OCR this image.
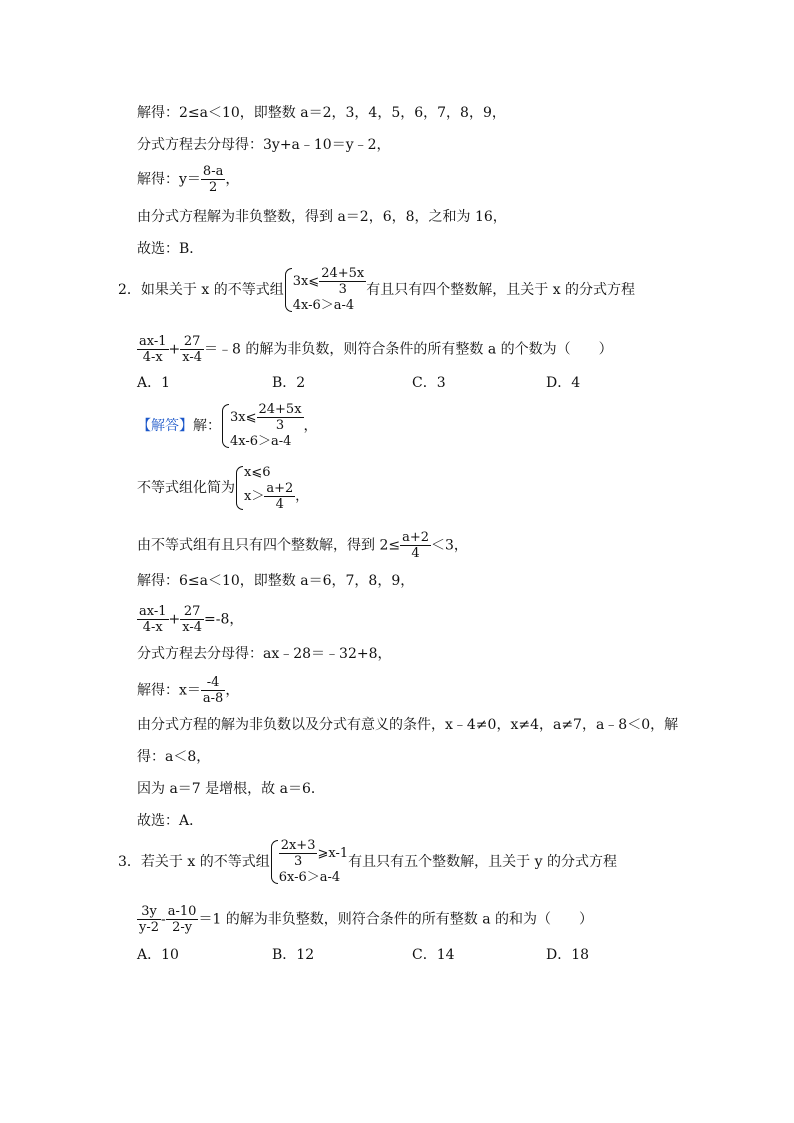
解得：2≤a＜10，即整数 a＝2，3，4，5，6，7，8，9，
分式方程去分母得：3y+a﹣10＝y﹣2，
解得：$y= \frac{8-a}{2}$ ，
由分式方程解为非负整数，得到 a＝2，6，8，之和为 16，
故选：B．
2．如果关于 x 的不等式组
3x⩽ $\frac{24+5x}{3}$
4x-6＞a-4
有且只有四个整数解，且关于 x 的分式方程
$\frac{ax-1}{4-x} + \frac{27}{x-4}$ ＝﹣8 的解为非负数，则符合条件的所有整数 a 的个数为（　　）
A．1	B．2	C．3	D．4
【解答】解：
3x⩽ $\frac{24+5x}{3}$
4x-6＞a-4
，
不等式组化简为
x⩽6
$x> \frac{a+2}{4}$ ，
由不等式组有且只有四个整数解，得到 $2\le \frac{a+2}{4} <3$，
解得：6≤a＜10，即整数 a＝6，7，8，9，
$\frac{ax-1}{4-x} + \frac{27}{x-4} =-8$，
分式方程去分母得：ax﹣28＝﹣32+8，
解得：$x= \frac{-4}{a-8}$ ，
由分式方程的解为非负数以及分式有意义的条件，x﹣4≠0，x≠4，a≠7，a﹣8＜0，解
得：a＜8，
因为 a＝7 是增根，故 a＝6．
故选：A．
3．若关于 x 的不等式组 $\frac{2x+3}{3}$ ⩾x-1
6x-6＞a-4
有且只有五个整数解，且关于 y 的分式方程
$\frac{3y}{y-2} - \frac{a-10}{2-y} =1$ 的解为非负整数，则符合条件的所有整数 a 的和为（　　）
A．10	B．12	C．14	D．18
